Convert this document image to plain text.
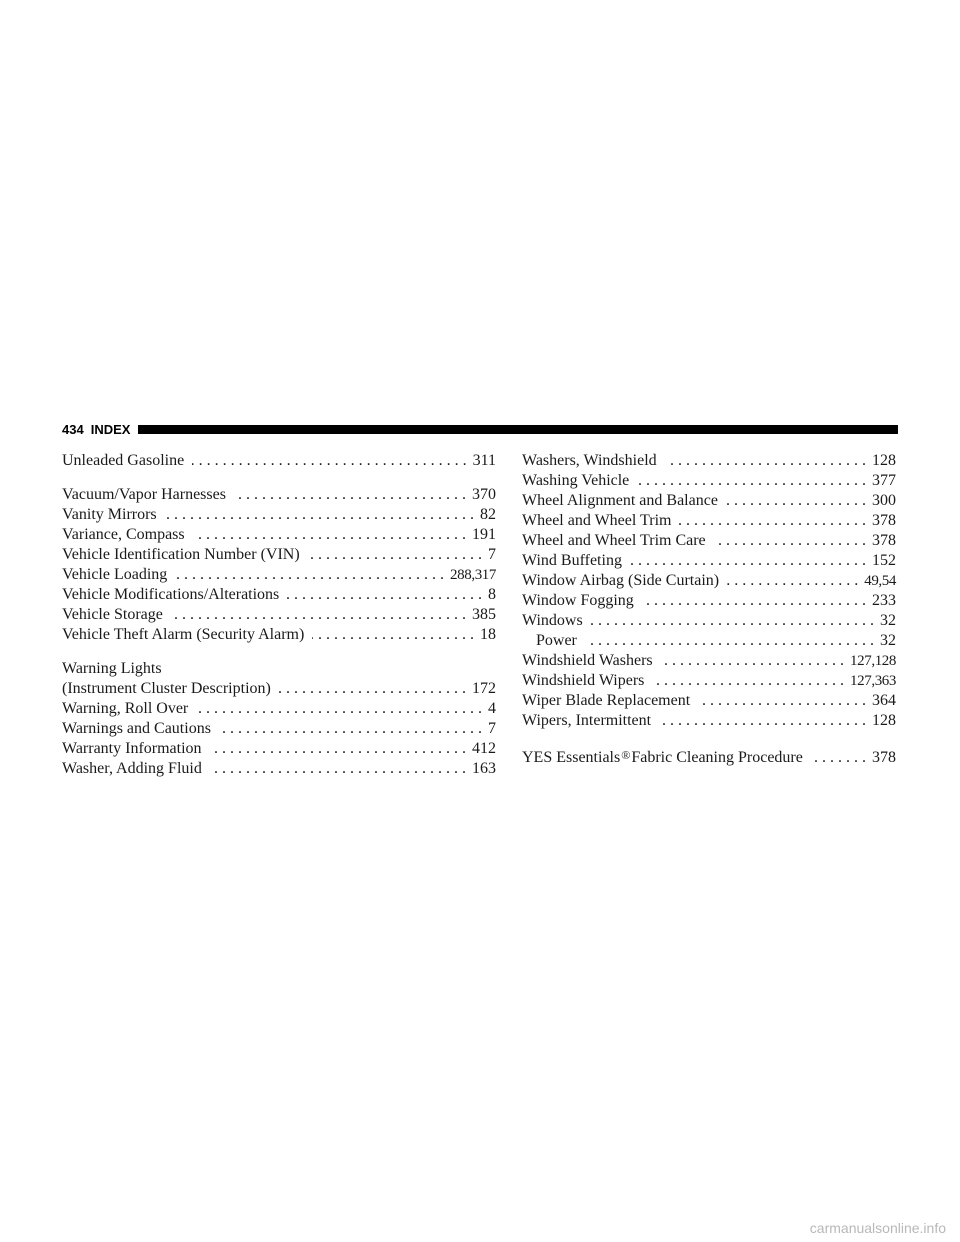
434 INDEX
Unleaded Gasoline . . .	311
Vacuum/Vapor Harnesses . . .	370
Vanity Mirrors . . .	82
Variance, Compass . . .	191
Vehicle Identification Number (VIN) . . .	7
Vehicle Loading . . .	288,317
Vehicle Modifications/Alterations . . .	8
Vehicle Storage . . .	385
Vehicle Theft Alarm (Security Alarm) . . .	18
Warning Lights
(Instrument Cluster Description) . . .	172
Warning, Roll Over . . .	4
Warnings and Cautions . . .	7
Warranty Information . . .	412
Washer, Adding Fluid . . .	163
Washers, Windshield . . .	128
Washing Vehicle . . .	377
Wheel Alignment and Balance . . .	300
Wheel and Wheel Trim . . .	378
Wheel and Wheel Trim Care . . .	378
Wind Buffeting . . .	152
Window Airbag (Side Curtain) . . .	49,54
Window Fogging . . .	233
Windows . . .	32
Power . . .	32
Windshield Washers . . .	127,128
Windshield Wipers . . .	127,363
Wiper Blade Replacement . . .	364
Wipers, Intermittent . . .	128
YES Essentials®Fabric Cleaning Procedure . . .	378
carmanualsonline.info
